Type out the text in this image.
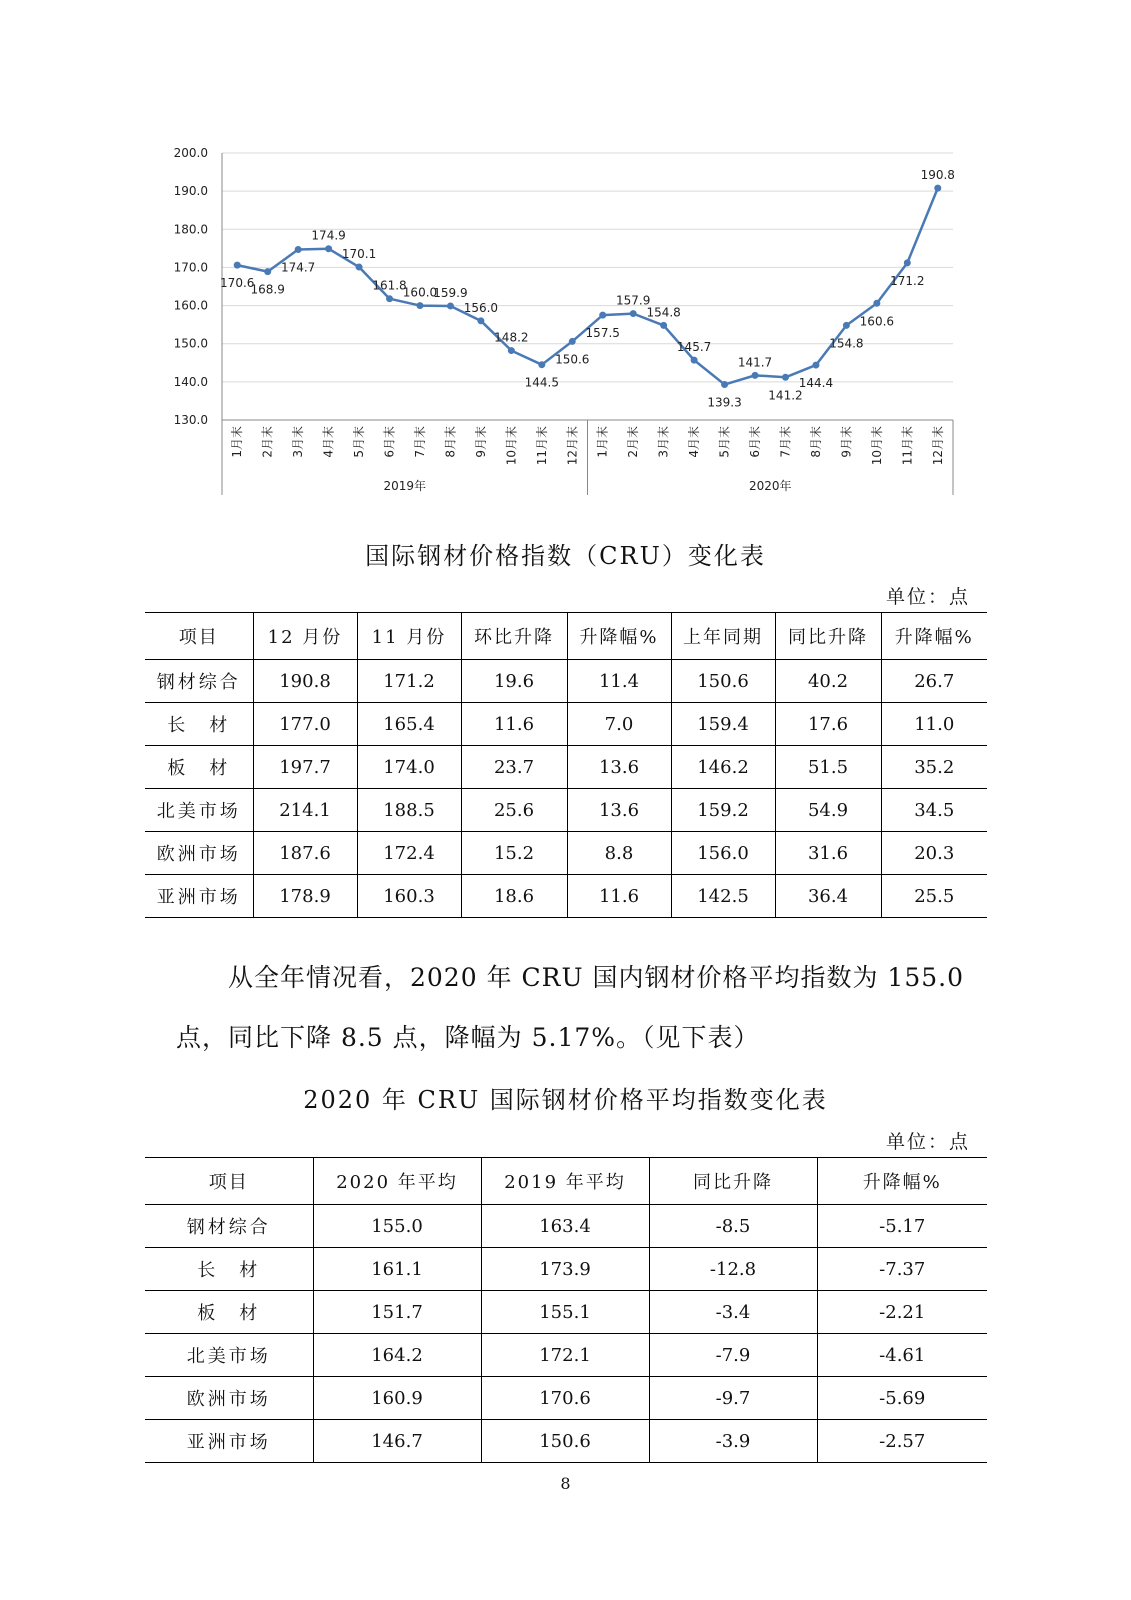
130.0
140.0
150.0
160.0
170.0
180.0
190.0
200.0
1月末 2月末 3月末 4月末 5月末 6月末 7月末 8月末 9月末 10月末 11月末 12月末 1月末 2月末 3月末 4月末 5月末 6月末 7月末 8月末 9月末 10月末 11月末 12月末
2019年	2020年
170.6
168.9
174.7
174.9
170.1
161.8
160.0
159.9
156.0
148.2
144.5
150.6
157.5
157.9
154.8
145.7
139.3
141.7
141.2
144.4
154.8
160.6
171.2
190.8
国际钢材价格指数（CRU）变化表
单位：点
项目	12 月份	11 月份	环比升降	升降幅%	上年同期	同比升降	升降幅%
钢材综合	190.8	171.2	19.6	11.4	150.6	40.2	26.7
长　材	177.0	165.4	11.6	7.0	159.4	17.6	11.0
板　材	197.7	174.0	23.7	13.6	146.2	51.5	35.2
北美市场	214.1	188.5	25.6	13.6	159.2	54.9	34.5
欧洲市场	187.6	172.4	15.2	8.8	156.0	31.6	20.3
亚洲市场	178.9	160.3	18.6	11.6	142.5	36.4	25.5
从全年情况看，2020 年 CRU 国内钢材价格平均指数为 155.0
点，同比下降 8.5 点，降幅为 5.17%。（见下表）
2020 年 CRU 国际钢材价格平均指数变化表
单位：点
项目	2020 年平均	2019 年平均	同比升降	升降幅%
钢材综合	155.0	163.4	-8.5	-5.17
长　材	161.1	173.9	-12.8	-7.37
板　材	151.7	155.1	-3.4	-2.21
北美市场	164.2	172.1	-7.9	-4.61
欧洲市场	160.9	170.6	-9.7	-5.69
亚洲市场	146.7	150.6	-3.9	-2.57
8
